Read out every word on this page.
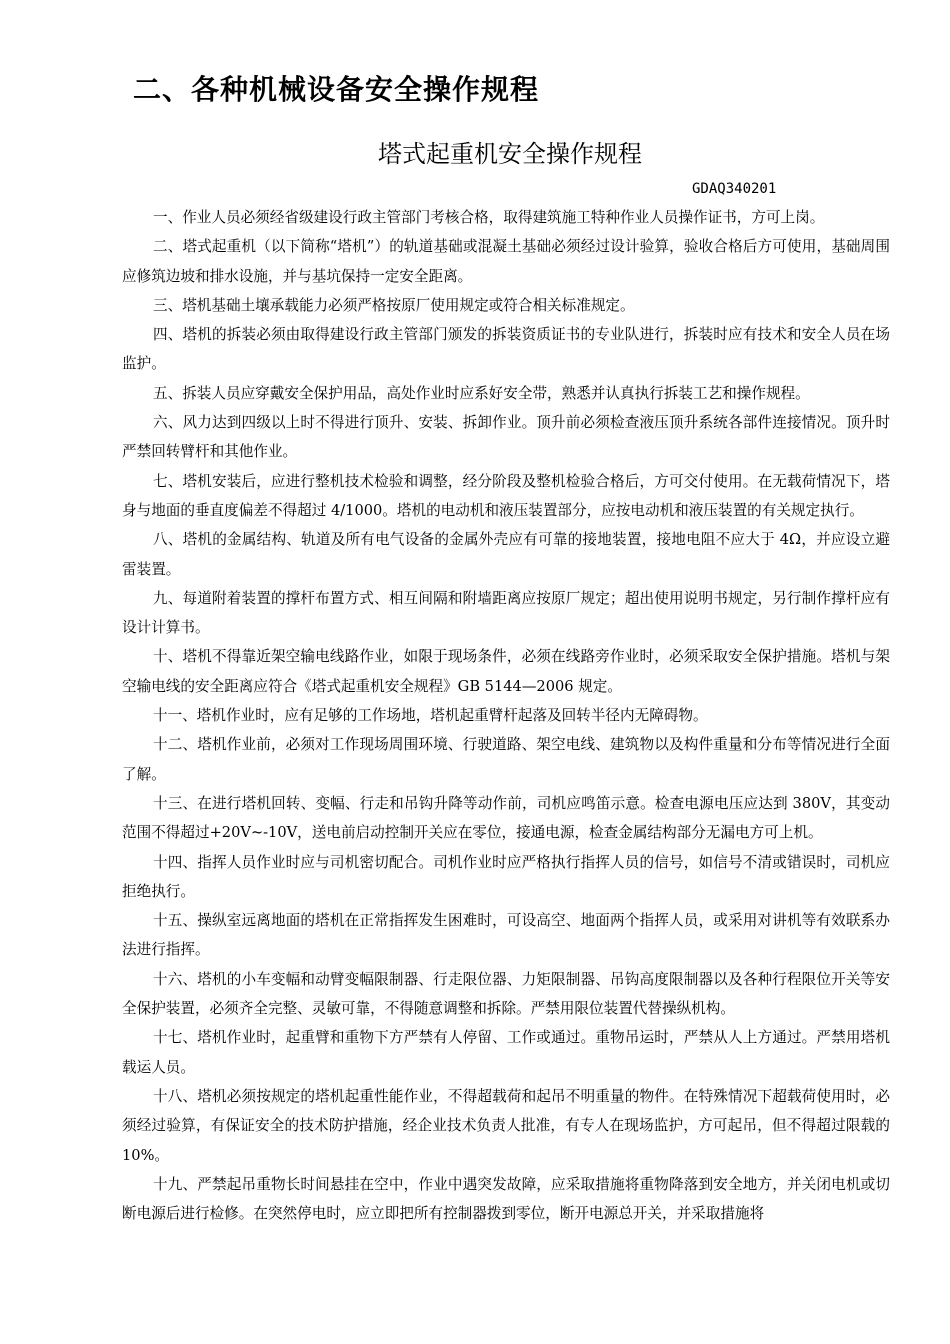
二、各种机械设备安全操作规程
塔式起重机安全操作规程
GDAQ340201

一、作业人员必须经省级建设行政主管部门考核合格，取得建筑施工特种作业人员操作证书，方可上岗。

二、塔式起重机（以下简称“塔机”）的轨道基础或混凝土基础必须经过设计验算，验收合格后方可使用，基础周围应修筑边坡和排水设施，并与基坑保持一定安全距离。

三、塔机基础土壤承载能力必须严格按原厂使用规定或符合相关标准规定。

四、塔机的拆装必须由取得建设行政主管部门颁发的拆装资质证书的专业队进行，拆装时应有技术和安全人员在场监护。

五、拆装人员应穿戴安全保护用品，高处作业时应系好安全带，熟悉并认真执行拆装工艺和操作规程。

六、风力达到四级以上时不得进行顶升、安装、拆卸作业。顶升前必须检查液压顶升系统各部件连接情况。顶升时严禁回转臂杆和其他作业。

七、塔机安装后，应进行整机技术检验和调整，经分阶段及整机检验合格后，方可交付使用。在无载荷情况下，塔身与地面的垂直度偏差不得超过 4/1000。塔机的电动机和液压装置部分，应按电动机和液压装置的有关规定执行。

八、塔机的金属结构、轨道及所有电气设备的金属外壳应有可靠的接地装置，接地电阻不应大于 4Ω，并应设立避雷装置。

九、每道附着装置的撑杆布置方式、相互间隔和附墙距离应按原厂规定；超出使用说明书规定，另行制作撑杆应有设计计算书。

十、塔机不得靠近架空输电线路作业，如限于现场条件，必须在线路旁作业时，必须采取安全保护措施。塔机与架空输电线的安全距离应符合《塔式起重机安全规程》GB 5144—2006 规定。

十一、塔机作业时，应有足够的工作场地，塔机起重臂杆起落及回转半径内无障碍物。

十二、塔机作业前，必须对工作现场周围环境、行驶道路、架空电线、建筑物以及构件重量和分布等情况进行全面了解。

十三、在进行塔机回转、变幅、行走和吊钩升降等动作前，司机应鸣笛示意。检查电源电压应达到 380V，其变动范围不得超过+20V~-10V，送电前启动控制开关应在零位，接通电源，检查金属结构部分无漏电方可上机。

十四、指挥人员作业时应与司机密切配合。司机作业时应严格执行指挥人员的信号，如信号不清或错误时，司机应拒绝执行。

十五、操纵室远离地面的塔机在正常指挥发生困难时，可设高空、地面两个指挥人员，或采用对讲机等有效联系办法进行指挥。

十六、塔机的小车变幅和动臂变幅限制器、行走限位器、力矩限制器、吊钩高度限制器以及各种行程限位开关等安全保护装置，必须齐全完整、灵敏可靠，不得随意调整和拆除。严禁用限位装置代替操纵机构。

十七、塔机作业时，起重臂和重物下方严禁有人停留、工作或通过。重物吊运时，严禁从人上方通过。严禁用塔机载运人员。

十八、塔机必须按规定的塔机起重性能作业，不得超载荷和起吊不明重量的物件。在特殊情况下超载荷使用时，必须经过验算，有保证安全的技术防护措施，经企业技术负责人批准，有专人在现场监护，方可起吊，但不得超过限载的 10%。

十九、严禁起吊重物长时间悬挂在空中，作业中遇突发故障，应采取措施将重物降落到安全地方，并关闭电机或切断电源后进行检修。在突然停电时，应立即把所有控制器拨到零位，断开电源总开关，并采取措施将
